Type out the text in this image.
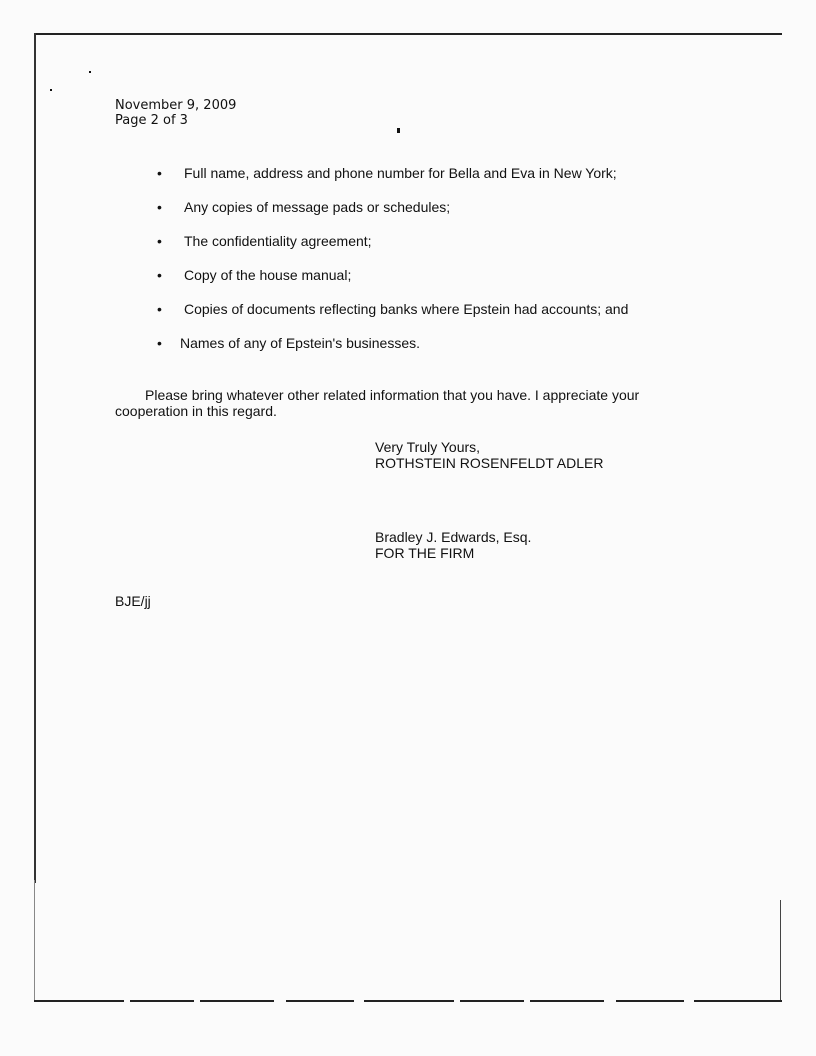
November 9, 2009
Page 2 of 3
•	Full name, address and phone number for Bella and Eva in New York;
•	Any copies of message pads or schedules;
•	The confidentiality agreement;
•	Copy of the house manual;
•	Copies of documents reflecting banks where Epstein had accounts; and
•	Names of any of Epstein's businesses.
Please bring whatever other related information that you have. I appreciate your
cooperation in this regard.
Very Truly Yours,
ROTHSTEIN ROSENFELDT ADLER
Bradley J. Edwards, Esq.
FOR THE FIRM
BJE/jj
